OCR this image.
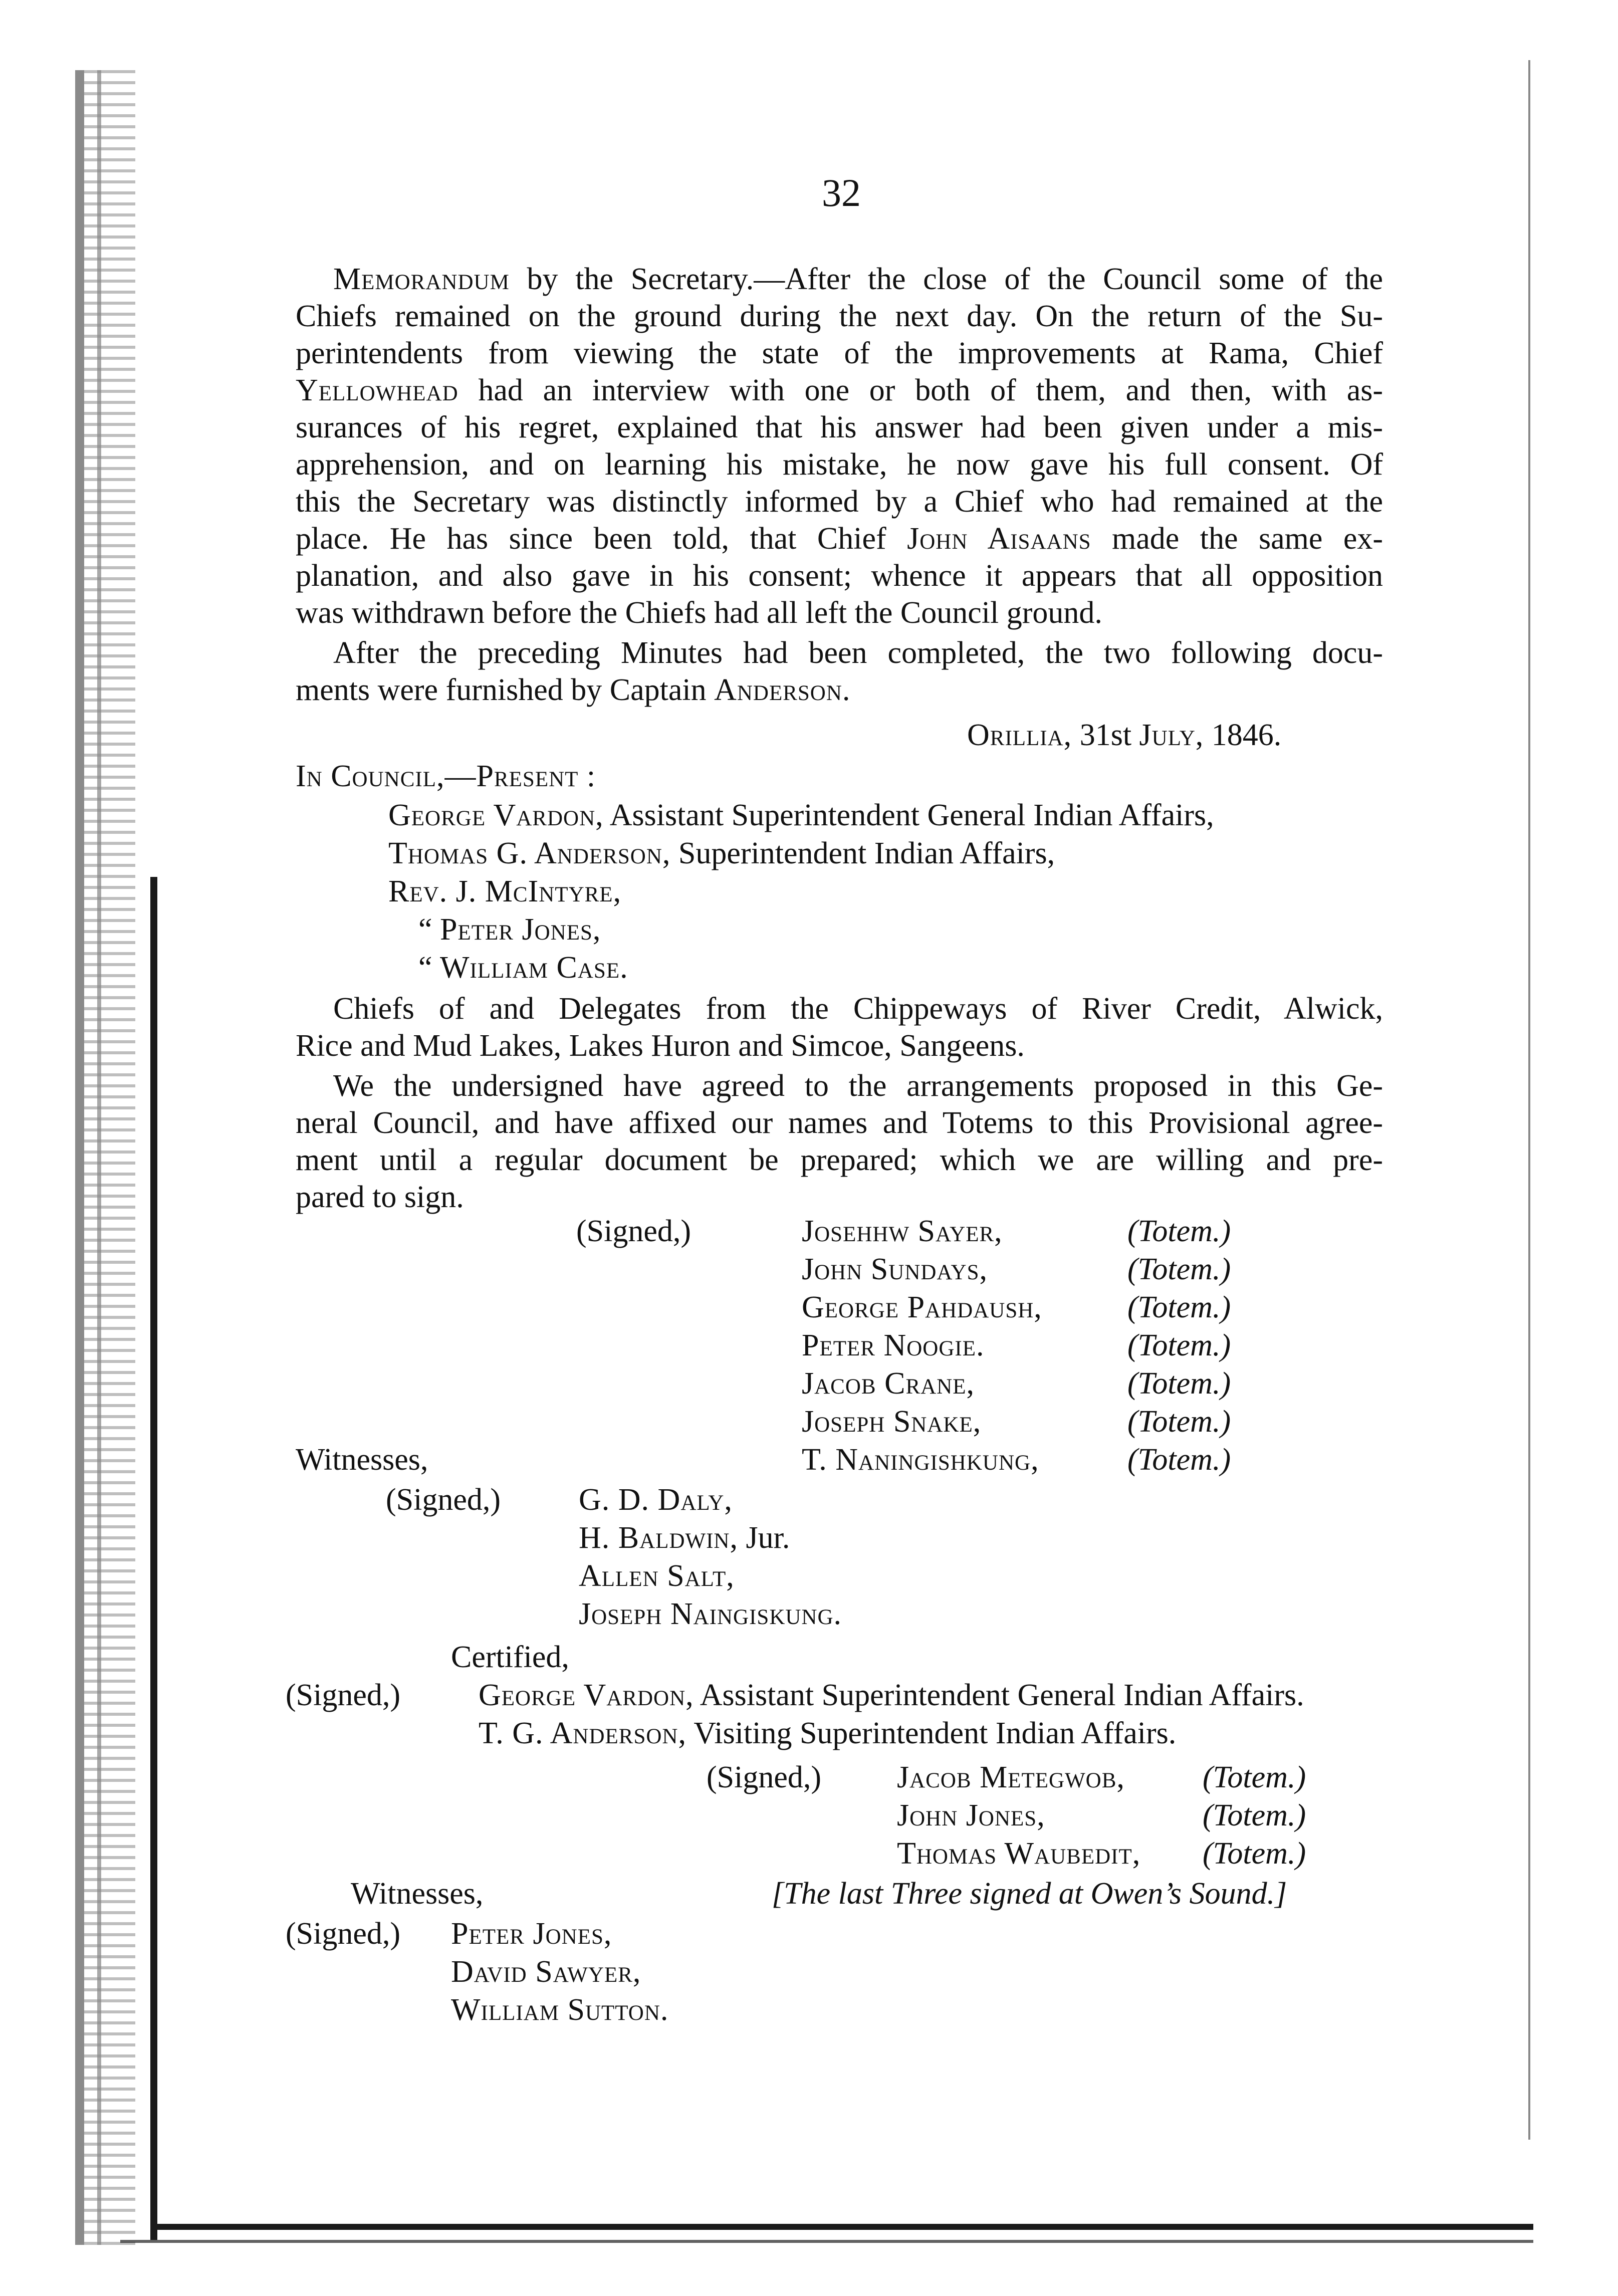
32
Memorandum by the Secretary.—After the close of the Council some of the
Chiefs remained on the ground during the next day. On the return of the Su-
perintendents from viewing the state of the improvements at Rama, Chief
Yellowhead had an interview with one or both of them, and then, with as-
surances of his regret, explained that his answer had been given under a mis-
apprehension, and on learning his mistake, he now gave his full consent. Of
this the Secretary was distinctly informed by a Chief who had remained at the
place. He has since been told, that Chief John Aisaans made the same ex-
planation, and also gave in his consent; whence it appears that all opposition
was withdrawn before the Chiefs had all left the Council ground.
After the preceding Minutes had been completed, the two following docu-
ments were furnished by Captain Anderson.
Orillia, 31st July, 1846.
In Council,—Present :
George Vardon, Assistant Superintendent General Indian Affairs,
Thomas G. Anderson, Superintendent Indian Affairs,
Rev. J. McIntyre,
“ Peter Jones,
“ William Case.
Chiefs of and Delegates from the Chippeways of River Credit, Alwick,
Rice and Mud Lakes, Lakes Huron and Simcoe, Sangeens.
We the undersigned have agreed to the arrangements proposed in this Ge-
neral Council, and have affixed our names and Totems to this Provisional agree-
ment until a regular document be prepared; which we are willing and pre-
pared to sign.
(Signed,)	Josehhw Sayer,	(Totem.)
John Sundays,	(Totem.)
George Pahdaush,	(Totem.)
Peter Noogie.	(Totem.)
Jacob Crane,	(Totem.)
Joseph Snake,	(Totem.)
Witnesses,	T. Naningishkung,	(Totem.)
(Signed,)	G. D. Daly,
H. Baldwin, Jur.
Allen Salt,
Joseph Naingiskung.
Certified,
(Signed,)	George Vardon, Assistant Superintendent General Indian Affairs.
T. G. Anderson, Visiting Superintendent Indian Affairs.
(Signed,) Jacob Metegwob,	(Totem.)
John Jones,	(Totem.)
Thomas Waubedit, (Totem.)
Witnesses,	[The last Three signed at Owen’s Sound.]
(Signed,) Peter Jones,
David Sawyer,
William Sutton.
